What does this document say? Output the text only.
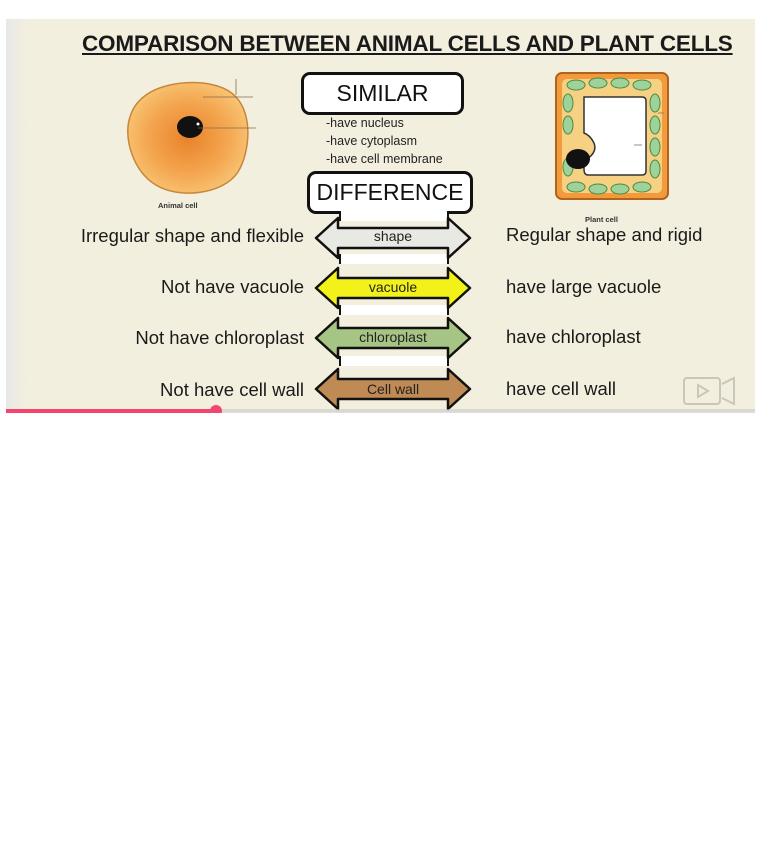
COMPARISON BETWEEN ANIMAL CELLS AND PLANT CELLS
Animal cell
Plant cell
SIMILAR
-have nucleus
-have cytoplasm
-have cell membrane
DIFFERENCE
Irregular shape and flexible	shape	Regular shape and rigid
Not have vacuole	vacuole	have large vacuole
Not have chloroplast	chloroplast	have chloroplast
Not have cell wall	Cell wall	have cell wall
